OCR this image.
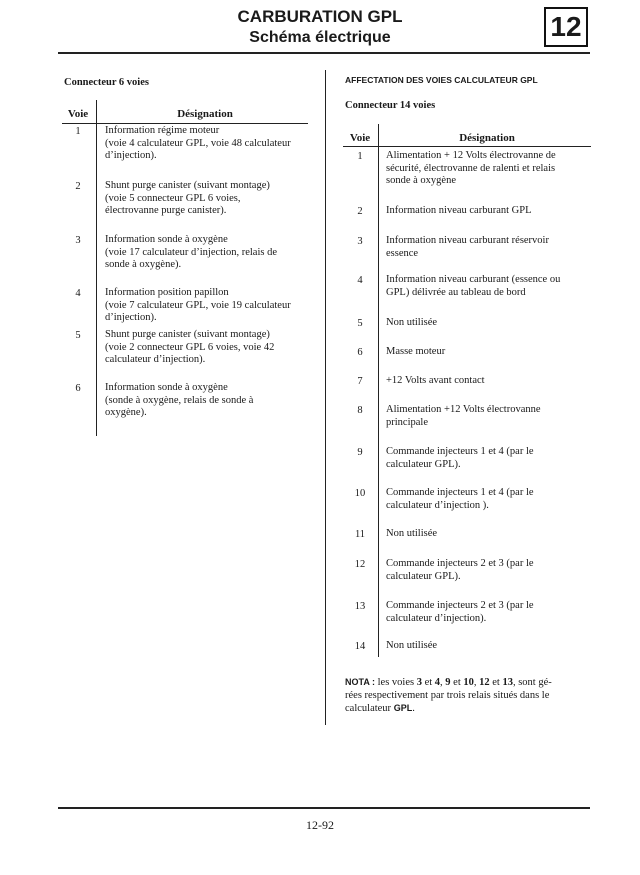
CARBURATION GPL
Schéma électrique	12
Connecteur 6 voies
Voie	Désignation
1	Information régime moteur
(voie 4 calculateur GPL, voie 48 calculateur
d’injection).
2	Shunt purge canister (suivant montage)
(voie 5 connecteur GPL 6 voies,
électrovanne purge canister).
3	Information sonde à oxygène
(voie 17 calculateur d’injection, relais de
sonde à oxygène).
4	Information position papillon
(voie 7 calculateur GPL, voie 19 calculateur
d’injection).
5	Shunt purge canister (suivant montage)
(voie 2 connecteur GPL 6 voies, voie 42
calculateur d’injection).
6	Information sonde à oxygène
(sonde à oxygène, relais de sonde à
oxygène).
AFFECTATION DES VOIES CALCULATEUR GPL
Connecteur 14 voies
Voie	Désignation
1	Alimentation + 12 Volts électrovanne de
sécurité, électrovanne de ralenti et relais
sonde à oxygène
2	Information niveau carburant GPL
3	Information niveau carburant réservoir
essence
4	Information niveau carburant (essence ou
GPL) délivrée au tableau de bord
5	Non utilisée
6	Masse moteur
7	+12 Volts avant contact
8	Alimentation +12 Volts électrovanne
principale
9	Commande injecteurs 1 et 4 (par le
calculateur GPL).
10	Commande injecteurs 1 et 4 (par le
calculateur d’injection ).
11	Non utilisée
12	Commande injecteurs 2 et 3 (par le
calculateur GPL).
13	Commande injecteurs 2 et 3 (par le
calculateur d’injection).
14	Non utilisée
NOTA : les voies 3 et 4, 9 et 10, 12 et 13, sont gé-
rées respectivement par trois relais situés dans le
calculateur GPL.
12-92
